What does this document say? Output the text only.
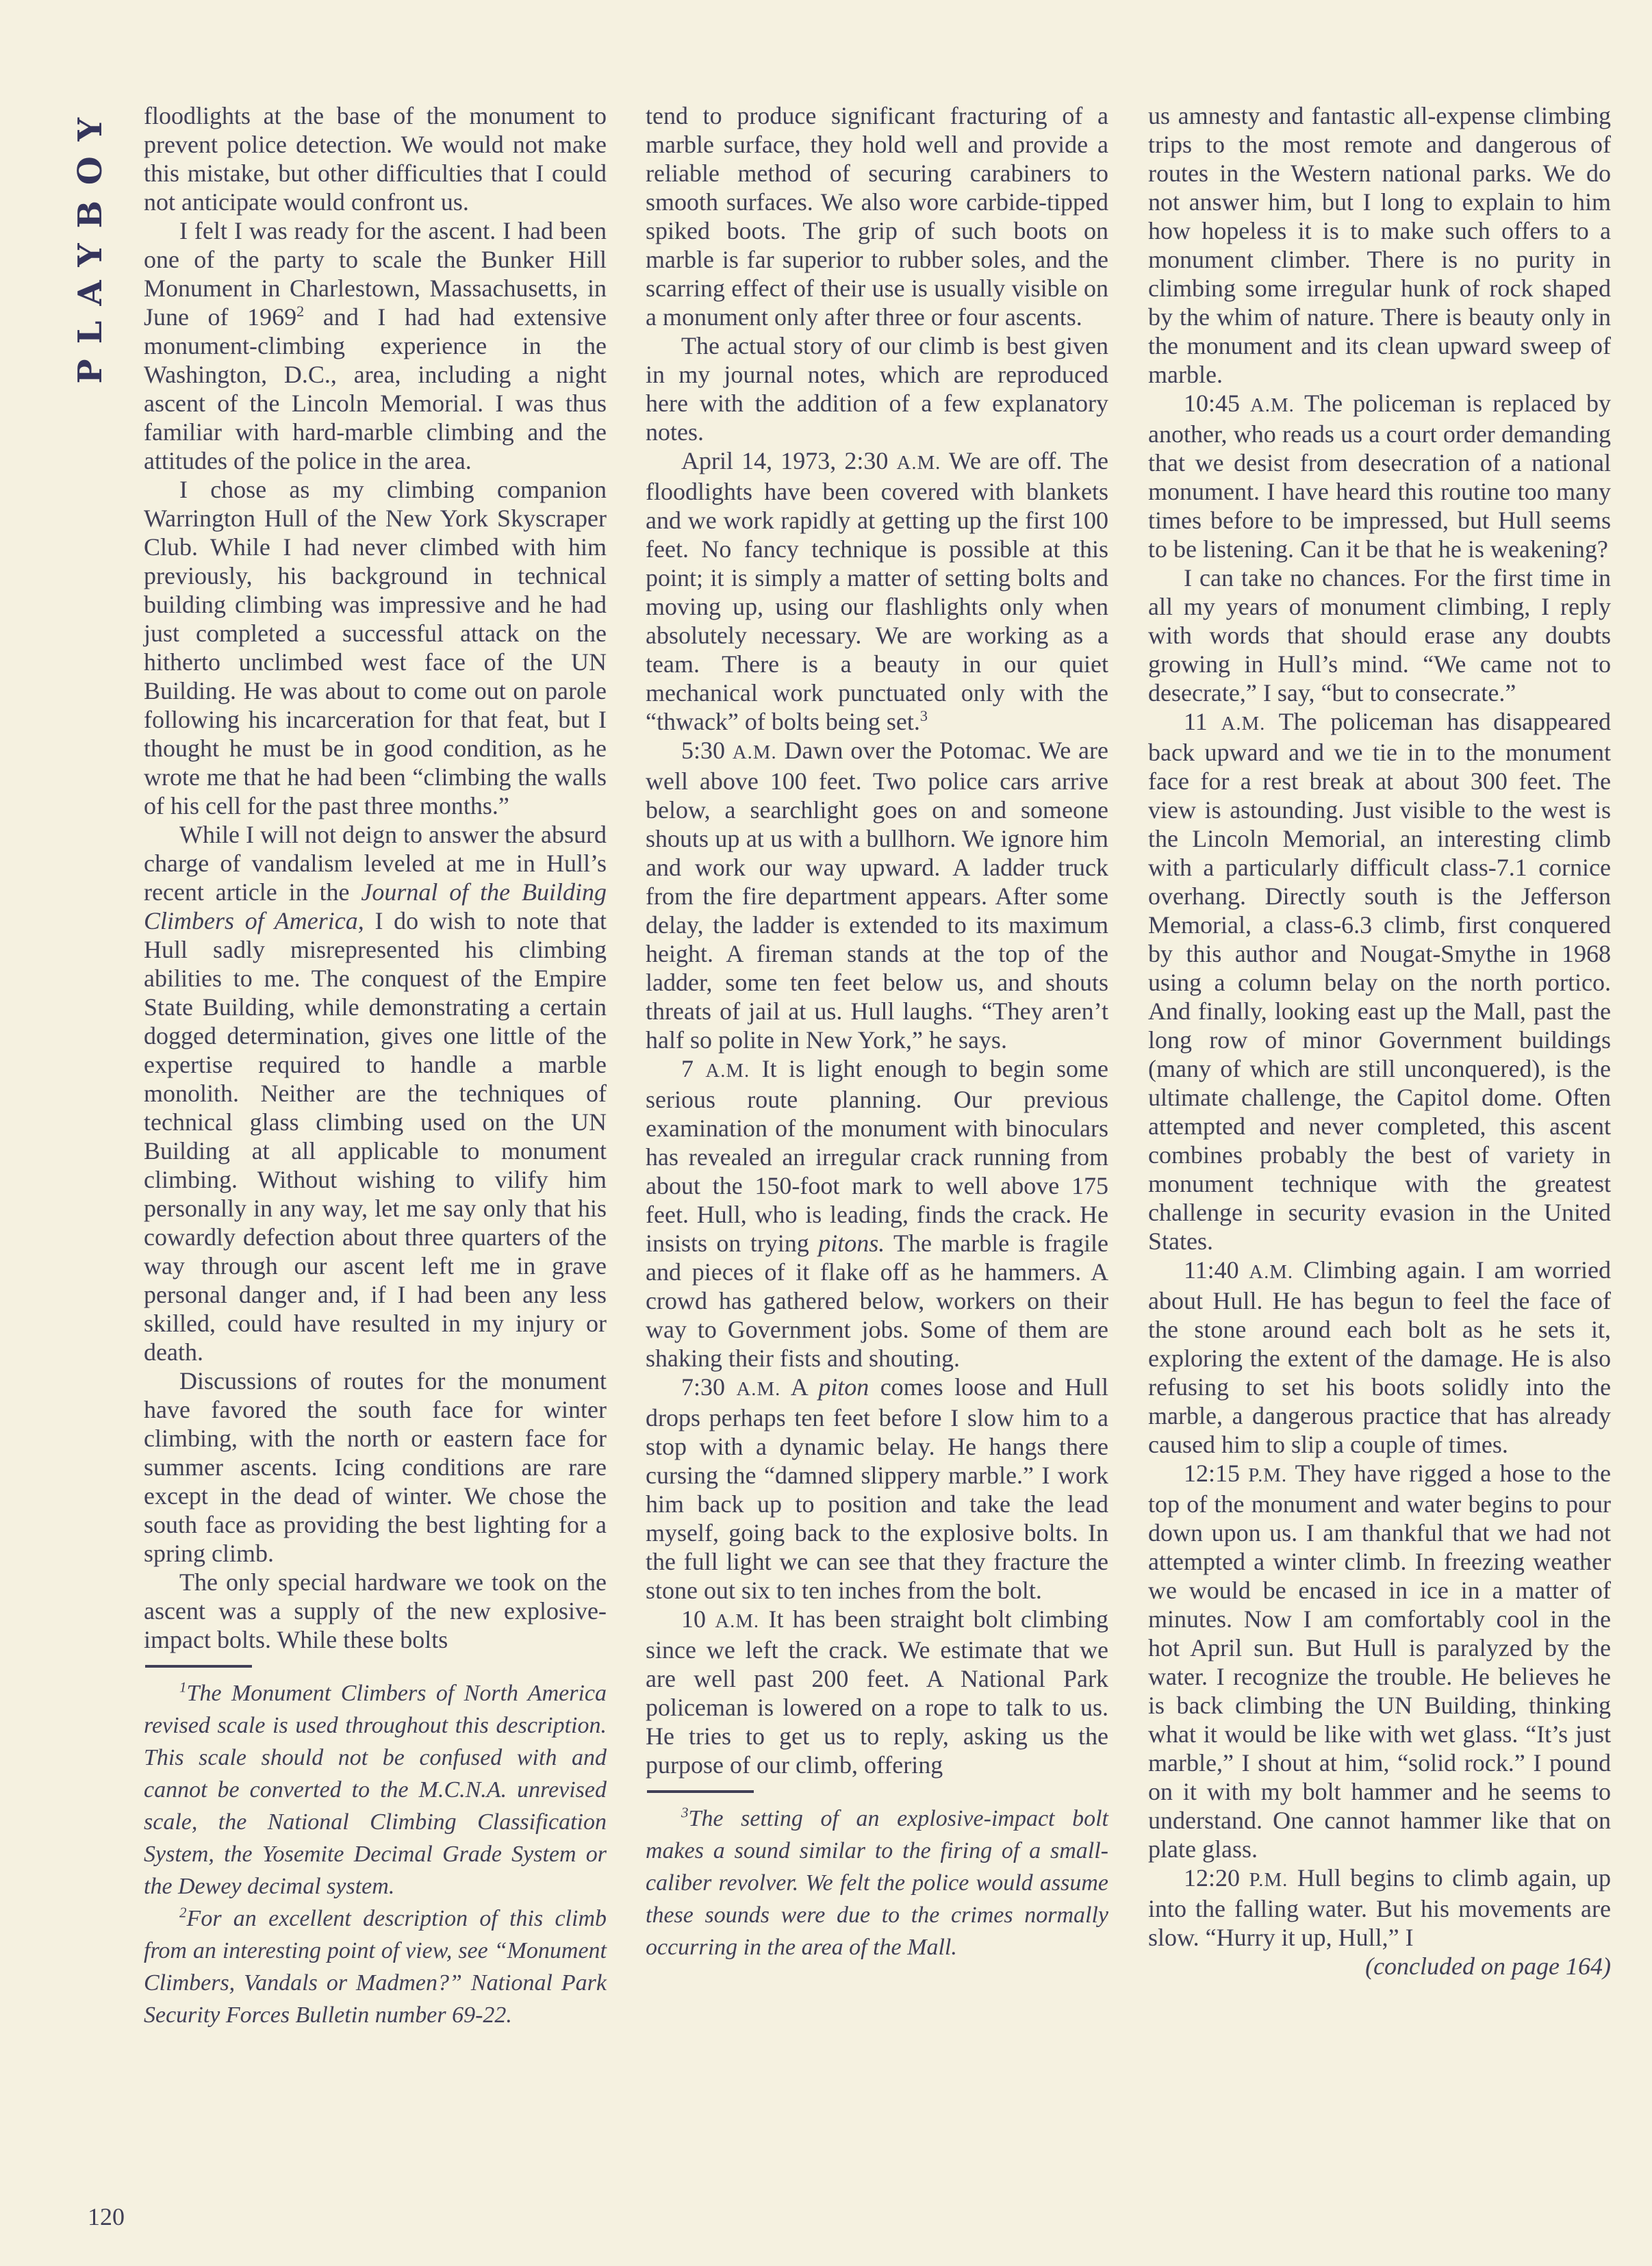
PLAYBOY floodlights at the base of the monument to prevent police detection. We would not make this mistake, but other difficulties that I could not anticipate would confront us.

I felt I was ready for the ascent. I had been one of the party to scale the Bunker Hill Monument in Charlestown, Massachusetts, in June of 1969$^2$ and I had had extensive monument-climbing experience in the Washington, D.C., area, including a night ascent of the Lincoln Memorial. I was thus familiar with hard-marble climbing and the attitudes of the police in the area.

I chose as my climbing companion Warrington Hull of the New York Skyscraper Club. While I had never climbed with him previously, his background in technical building climbing was impressive and he had just completed a successful attack on the hitherto unclimbed west face of the UN Building. He was about to come out on parole following his incarceration for that feat, but I thought he must be in good condition, as he wrote me that he had been “climbing the walls of his cell for the past three months.”

While I will not deign to answer the absurd charge of vandalism leveled at me in Hull’s recent article in the Journal of the Building Climbers of America, I do wish to note that Hull sadly misrepresented his climbing abilities to me. The conquest of the Empire State Building, while demonstrating a certain dogged determination, gives one little of the expertise required to handle a marble monolith. Neither are the techniques of technical glass climbing used on the UN Building at all applicable to monument climbing. Without wishing to vilify him personally in any way, let me say only that his cowardly defection about three quarters of the way through our ascent left me in grave personal danger and, if I had been any less skilled, could have resulted in my injury or death.

Discussions of routes for the monument have favored the south face for winter climbing, with the north or eastern face for summer ascents. Icing conditions are rare except in the dead of winter. We chose the south face as providing the best lighting for a spring climb.

The only special hardware we took on the ascent was a supply of the new explosive-impact bolts. While these bolts

$^1$The Monument Climbers of North America revised scale is used throughout this description. This scale should not be confused with and cannot be converted to the M.C.N.A. unrevised scale, the National Climbing Classification System, the Yosemite Decimal Grade System or the Dewey decimal system.

$^2$For an excellent description of this climb from an interesting point of view, see “Monument Climbers, Vandals or Madmen?” National Park Security Forces Bulletin number 69-22.

tend to produce significant fracturing of a marble surface, they hold well and provide a reliable method of securing carabiners to smooth surfaces. We also wore carbide-tipped spiked boots. The grip of such boots on marble is far superior to rubber soles, and the scarring effect of their use is usually visible on a monument only after three or four ascents.

The actual story of our climb is best given in my journal notes, which are reproduced here with the addition of a few explanatory notes.

April 14, 1973, 2:30 A.M. We are off. The floodlights have been covered with blankets and we work rapidly at getting up the first 100 feet. No fancy technique is possible at this point; it is simply a matter of setting bolts and moving up, using our flashlights only when absolutely necessary. We are working as a team. There is a beauty in our quiet mechanical work punctuated only with the “thwack” of bolts being set.$^3$

5:30 A.M. Dawn over the Potomac. We are well above 100 feet. Two police cars arrive below, a searchlight goes on and someone shouts up at us with a bullhorn. We ignore him and work our way upward. A ladder truck from the fire department appears. After some delay, the ladder is extended to its maximum height. A fireman stands at the top of the ladder, some ten feet below us, and shouts threats of jail at us. Hull laughs. “They aren’t half so polite in New York,” he says.

7 A.M. It is light enough to begin some serious route planning. Our previous examination of the monument with binoculars has revealed an irregular crack running from about the 150-foot mark to well above 175 feet. Hull, who is leading, finds the crack. He insists on trying pitons. The marble is fragile and pieces of it flake off as he hammers. A crowd has gathered below, workers on their way to Government jobs. Some of them are shaking their fists and shouting.

7:30 A.M. A piton comes loose and Hull drops perhaps ten feet before I slow him to a stop with a dynamic belay. He hangs there cursing the “damned slippery marble.” I work him back up to position and take the lead myself, going back to the explosive bolts. In the full light we can see that they fracture the stone out six to ten inches from the bolt.

10 A.M. It has been straight bolt climbing since we left the crack. We estimate that we are well past 200 feet. A National Park policeman is lowered on a rope to talk to us. He tries to get us to reply, asking us the purpose of our climb, offering

$^3$The setting of an explosive-impact bolt makes a sound similar to the firing of a small-caliber revolver. We felt the police would assume these sounds were due to the crimes normally occurring in the area of the Mall.

us amnesty and fantastic all-expense climbing trips to the most remote and dangerous of routes in the Western national parks. We do not answer him, but I long to explain to him how hopeless it is to make such offers to a monument climber. There is no purity in climbing some irregular hunk of rock shaped by the whim of nature. There is beauty only in the monument and its clean upward sweep of marble.

10:45 A.M. The policeman is replaced by another, who reads us a court order demanding that we desist from desecration of a national monument. I have heard this routine too many times before to be impressed, but Hull seems to be listening. Can it be that he is weakening?

I can take no chances. For the first time in all my years of monument climbing, I reply with words that should erase any doubts growing in Hull’s mind. “We came not to desecrate,” I say, “but to consecrate.”

11 A.M. The policeman has disappeared back upward and we tie in to the monument face for a rest break at about 300 feet. The view is astounding. Just visible to the west is the Lincoln Memorial, an interesting climb with a particularly difficult class-7.1 cornice overhang. Directly south is the Jefferson Memorial, a class-6.3 climb, first conquered by this author and Nougat-Smythe in 1968 using a column belay on the north portico. And finally, looking east up the Mall, past the long row of minor Government buildings (many of which are still unconquered), is the ultimate challenge, the Capitol dome. Often attempted and never completed, this ascent combines probably the best of variety in monument technique with the greatest challenge in security evasion in the United States.

11:40 A.M. Climbing again. I am worried about Hull. He has begun to feel the face of the stone around each bolt as he sets it, exploring the extent of the damage. He is also refusing to set his boots solidly into the marble, a dangerous practice that has already caused him to slip a couple of times.

12:15 P.M. They have rigged a hose to the top of the monument and water begins to pour down upon us. I am thankful that we had not attempted a winter climb. In freezing weather we would be encased in ice in a matter of minutes. Now I am comfortably cool in the hot April sun. But Hull is paralyzed by the water. I recognize the trouble. He believes he is back climbing the UN Building, thinking what it would be like with wet glass. “It’s just marble,” I shout at him, “solid rock.” I pound on it with my bolt hammer and he seems to understand. One cannot hammer like that on plate glass.

12:20 P.M. Hull begins to climb again, up into the falling water. But his movements are slow. “Hurry it up, Hull,” I

(concluded on page 164)

120
